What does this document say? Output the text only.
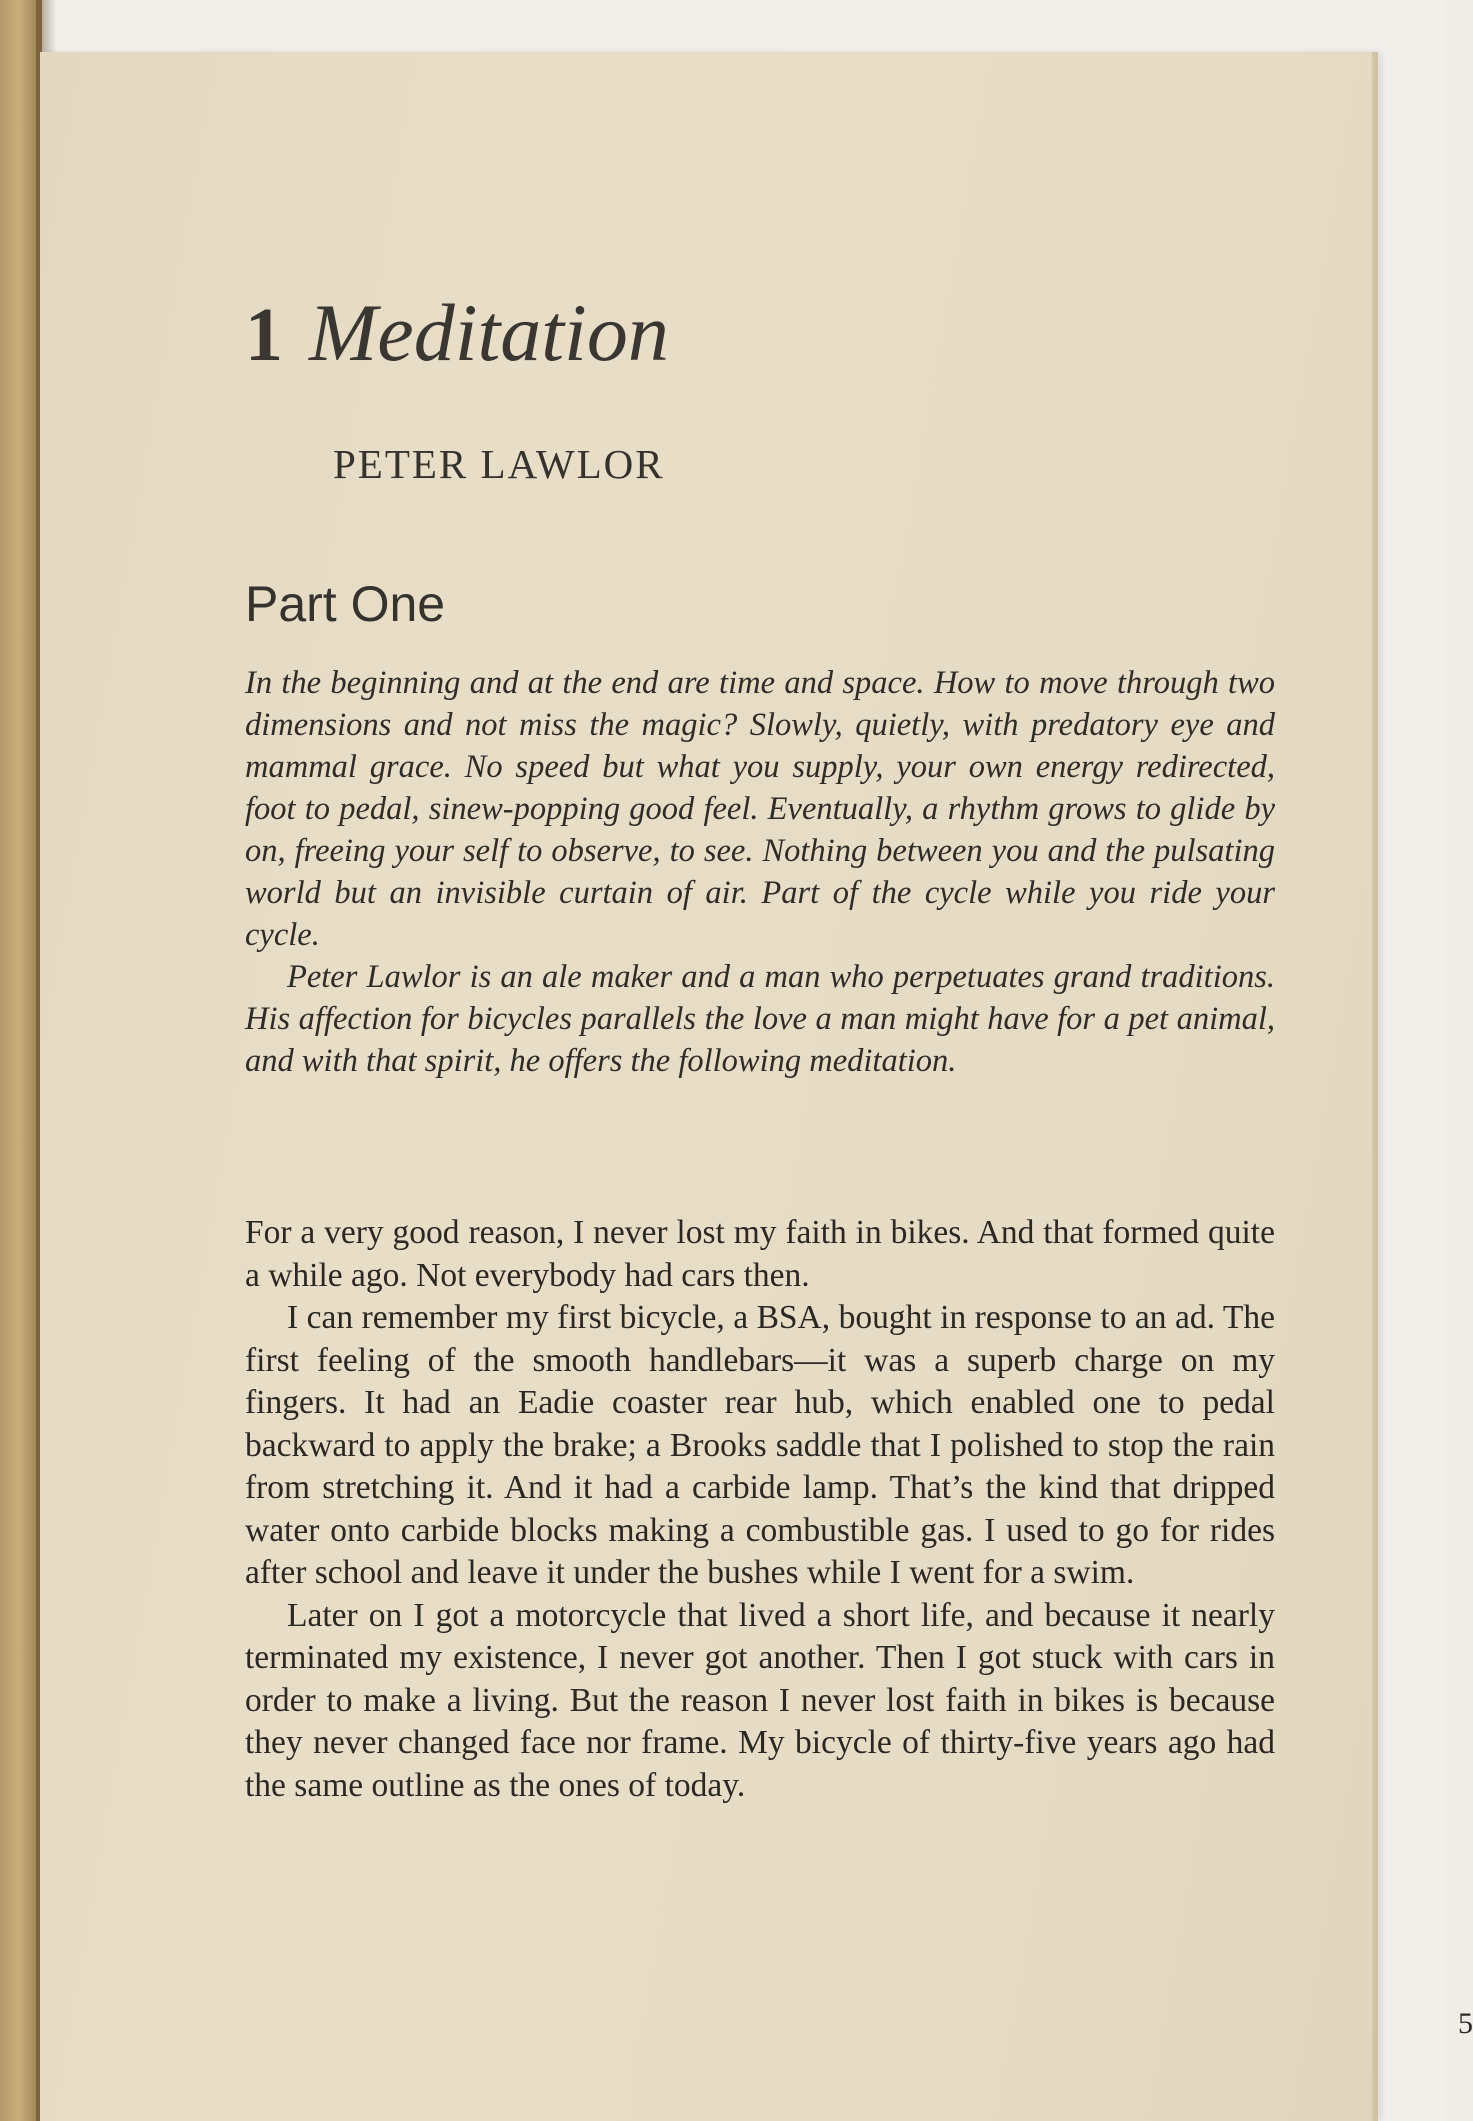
1 Meditation
PETER LAWLOR
Part One

In the beginning and at the end are time and space. How to move through two dimensions and not miss the magic? Slowly, quietly, with predatory eye and mammal grace. No speed but what you supply, your own energy redirected, foot to pedal, sinew-popping good feel. Eventually, a rhythm grows to glide by on, freeing your self to observe, to see. Nothing between you and the pulsating world but an invisible curtain of air. Part of the cycle while you ride your cycle.

Peter Lawlor is an ale maker and a man who perpetuates grand traditions. His affection for bicycles parallels the love a man might have for a pet animal, and with that spirit, he offers the following meditation.

For a very good reason, I never lost my faith in bikes. And that formed quite a while ago. Not everybody had cars then.

I can remember my first bicycle, a BSA, bought in response to an ad. The first feeling of the smooth handlebars—it was a superb charge on my fingers. It had an Eadie coaster rear hub, which enabled one to pedal backward to apply the brake; a Brooks saddle that I polished to stop the rain from stretching it. And it had a carbide lamp. That’s the kind that dripped water onto carbide blocks making a combustible gas. I used to go for rides after school and leave it under the bushes while I went for a swim.

Later on I got a motorcycle that lived a short life, and because it nearly terminated my existence, I never got another. Then I got stuck with cars in order to make a living. But the reason I never lost faith in bikes is because they never changed face nor frame. My bicycle of thirty-five years ago had the same outline as the ones of today.

5
